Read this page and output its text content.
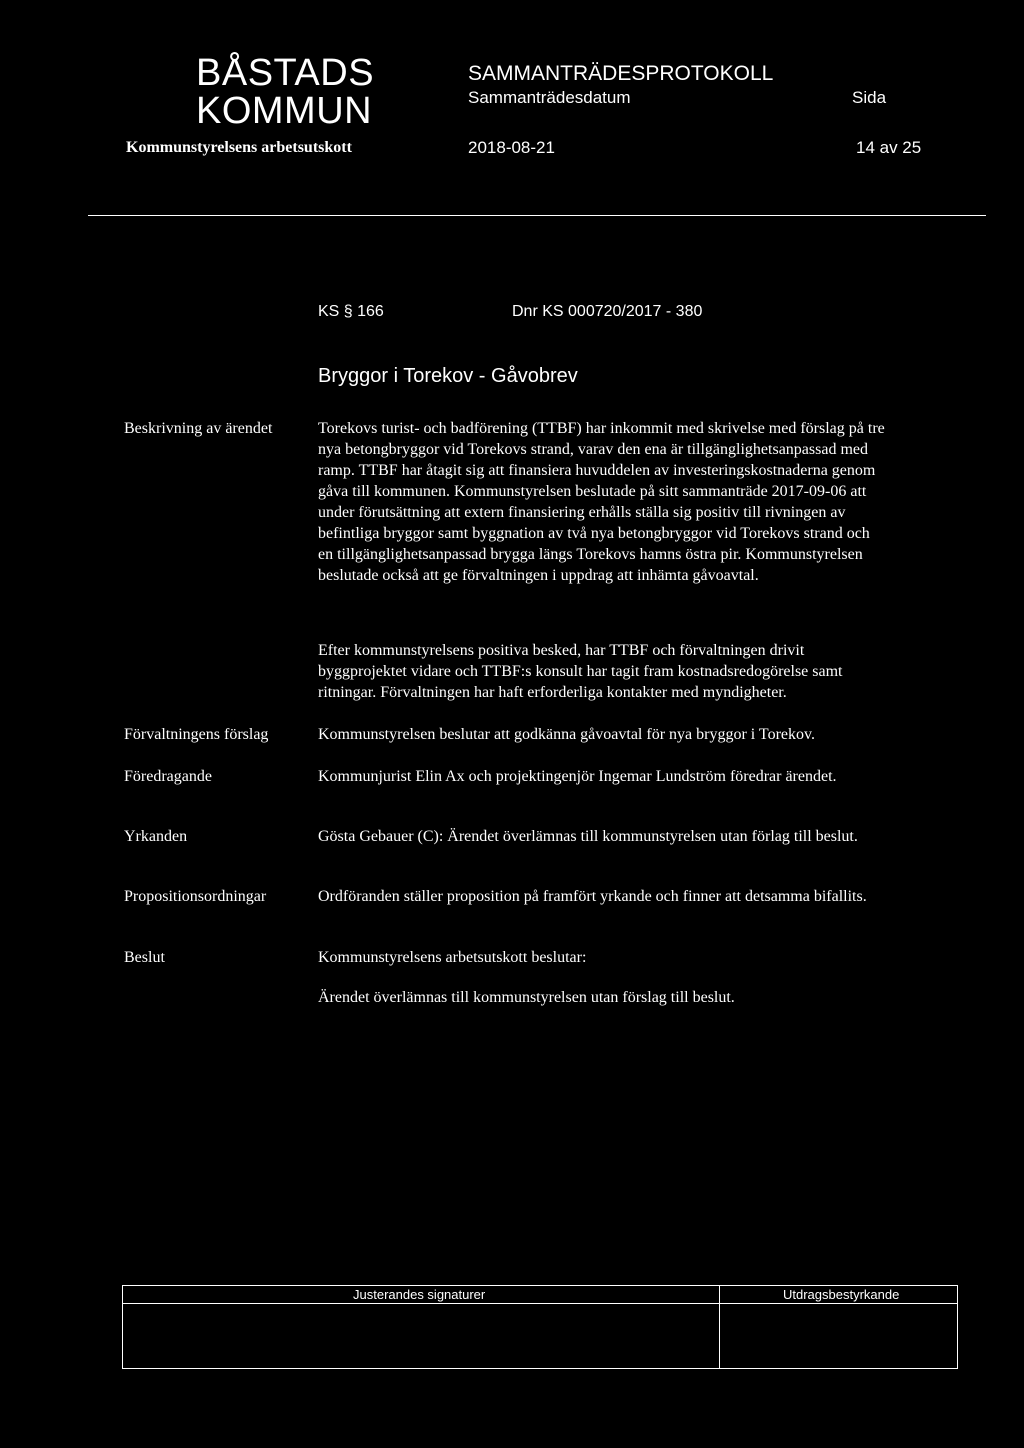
BÅSTADS
KOMMUN
SAMMANTRÄDESPROTOKOLL
Sammanträdesdatum	Sida
Kommunstyrelsens arbetsutskott	2018-08-21	14 av 25
KS § 166	Dnr KS 000720/2017 - 380
Bryggor i Torekov - Gåvobrev
Beskrivning av ärendet	Torekovs turist- och badförening (TTBF) har inkommit med skrivelse med förslag på tre nya betongbryggor vid Torekovs strand, varav den ena är tillgänglighetsanpassad med ramp. TTBF har åtagit sig att finansiera huvuddelen av investeringskostnaderna genom gåva till kommunen. Kommunstyrelsen beslutade på sitt sammanträde 2017-09-06 att under förutsättning att extern finansiering erhålls ställa sig positiv till rivningen av befintliga bryggor samt byggnation av två nya betongbryggor vid Torekovs strand och en tillgänglighetsanpassad brygga längs Torekovs hamns östra pir. Kommunstyrelsen beslutade också att ge förvaltningen i uppdrag att inhämta gåvoavtal.

Efter kommunstyrelsens positiva besked, har TTBF och förvaltningen drivit byggprojektet vidare och TTBF:s konsult har tagit fram kostnadsredogörelse samt ritningar. Förvaltningen har haft erforderliga kontakter med myndigheter.

Förvaltningens förslag	Kommunstyrelsen beslutar att godkänna gåvoavtal för nya bryggor i Torekov.
Föredragande	Kommunjurist Elin Ax och projektingenjör Ingemar Lundström föredrar ärendet.
Yrkanden	Gösta Gebauer (C): Ärendet överlämnas till kommunstyrelsen utan förlag till beslut.
Propositionsordningar	Ordföranden ställer proposition på framfört yrkande och finner att detsamma bifallits.
Beslut	Kommunstyrelsens arbetsutskott beslutar:
Ärendet överlämnas till kommunstyrelsen utan förslag till beslut.
Justerandes signaturer	Utdragsbestyrkande
